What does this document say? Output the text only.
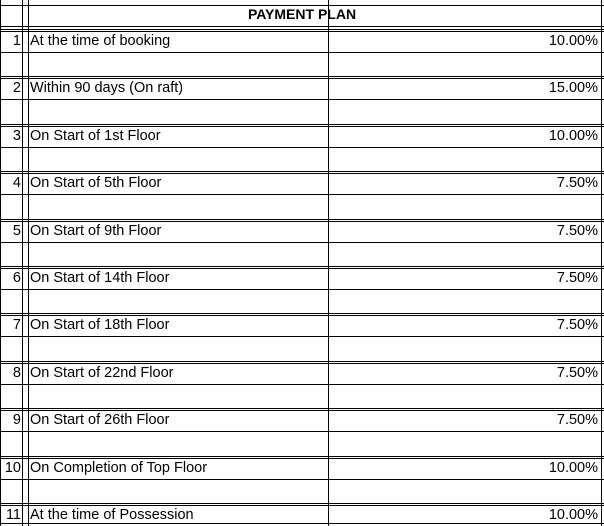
PAYMENT PLAN
1 At the time of booking	10.00%
2 Within 90 days (On raft)	15.00%
3 On Start of 1st Floor	10.00%
4 On Start of 5th Floor	7.50%
5 On Start of 9th Floor	7.50%
6 On Start of 14th Floor	7.50%
7 On Start of 18th Floor	7.50%
8 On Start of 22nd Floor	7.50%
9 On Start of 26th Floor	7.50%
10 On Completion of Top Floor	10.00%
11 At the time of Possession	10.00%
